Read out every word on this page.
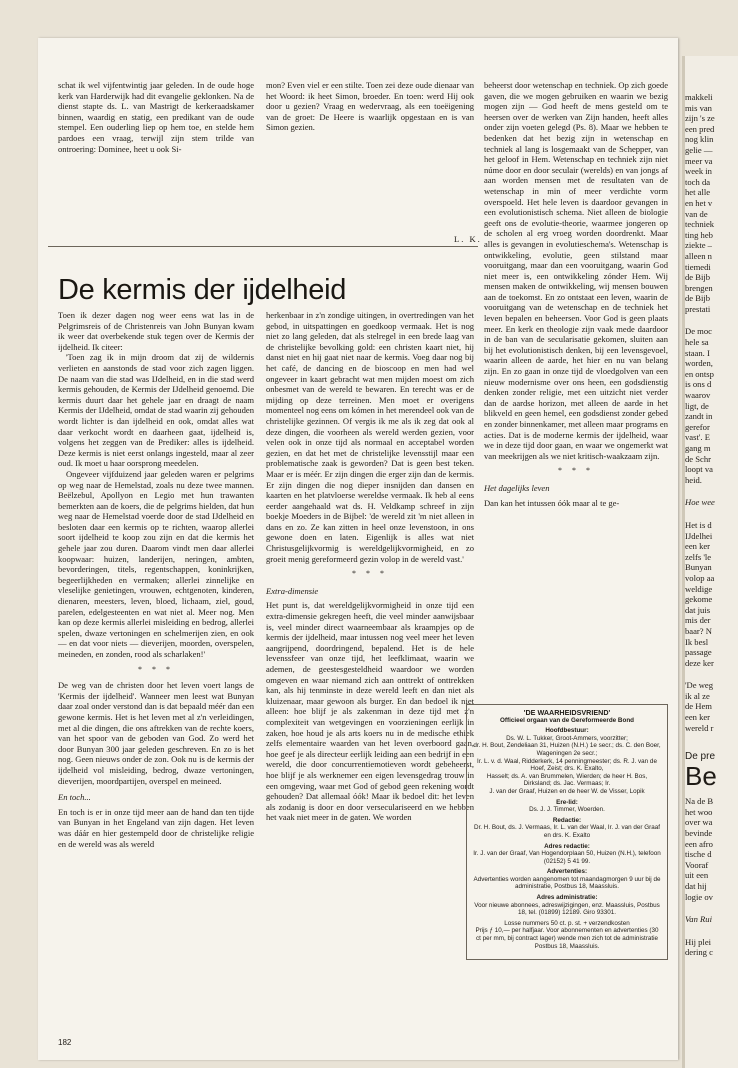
schat ik wel vijfentwintig jaar geleden. In de oude hoge kerk van Harderwijk had dit evangelie geklonken. Na de dienst stapte ds. L. van Mastrigt de kerkeraadskamer binnen, waardig en statig, een predikant van de oude stempel. Een ouderling liep op hem toe, en stelde hem pardoes een vraag, terwijl zijn stem trilde van ontroering: Dominee, heet u ook Si-

mon? Even viel er een stilte. Toen zei deze oude dienaar van het Woord: ik heet Simon, broeder. En toen: werd Hij ook door u gezien? Vraag en wedervraag, als een toeëigening van de groet: De Heere is waarlijk opgestaan en is van Simon gezien.

L. K.
De kermis der ijdelheid

Toen ik dezer dagen nog weer eens wat las in de Pelgrimsreis of de Christenreis van John Bunyan kwam ik weer dat overbekende stuk tegen over de Kermis der ijdelheid. Ik citeer:

'Toen zag ik in mijn droom dat zij de wildernis verlieten en aanstonds de stad voor zich zagen liggen. De naam van die stad was IJdelheid, en in die stad werd kermis gehouden, de Kermis der IJdelheid genoemd. Die kermis duurt daar het gehele jaar en draagt de naam Kermis der IJdelheid, omdat de stad waarin zij gehouden wordt lichter is dan ijdelheid en ook, omdat alles wat daar verkocht wordt en daarheen gaat, ijdelheid is, volgens het zeggen van de Prediker: alles is ijdelheid. Deze kermis is niet eerst onlangs ingesteld, maar al zeer oud. Ik moet u haar oorsprong meedelen.

Ongeveer vijfduizend jaar geleden waren er pelgrims op weg naar de Hemelstad, zoals nu deze twee mannen. Beëlzebul, Apollyon en Legio met hun trawanten bemerkten aan de koers, die de pelgrims hielden, dat hun weg naar de Hemelstad voerde door de stad IJdelheid en besloten daar een kermis op te richten, waarop allerlei soort ijdelheid te koop zou zijn en dat die kermis het gehele jaar zou duren. Daarom vindt men daar allerlei koopwaar: huizen, landerijen, neringen, ambten, bevorderingen, titels, regentschappen, koninkrijken, begeerlijkheden en vermaken; allerlei zinnelijke en vleselijke genietingen, vrouwen, echtgenoten, kinderen, dienaren, meesters, leven, bloed, lichaam, ziel, goud, parelen, edelgesteenten en wat niet al. Meer nog. Men kan op deze kermis allerlei misleiding en bedrog, allerlei spelen, dwaze vertoningen en schelmerijen zien, en ook — en dat voor niets — dieverijen, moorden, overspelen, meineden, en zonden, rood als scharlaken!'

* * *

De weg van de christen door het leven voert langs de 'Kermis der ijdelheid'. Wanneer men leest wat Bunyan daar zoal onder verstond dan is dat bepaald méér dan een gewone kermis. Het is het leven met al z'n verleidingen, met al die dingen, die ons aftrekken van de rechte koers, van het spoor van de geboden van God. Zo werd het door Bunyan 300 jaar geleden geschreven. En zo is het nog. Geen nieuws onder de zon. Ook nu is de kermis der ijdelheid vol misleiding, bedrog, dwaze vertoningen, dieverijen, moordpartijen, overspel en meineed.

En toch...

En toch is er in onze tijd meer aan de hand dan ten tijde van Bunyan in het Engeland van zijn dagen. Het leven was dáár en hier gestempeld door de christelijke religie en de wereld was als wereld

herkenbaar in z'n zondige uitingen, in overtredingen van het gebod, in uitspattingen en goedkoop vermaak. Het is nog niet zo lang geleden, dat als stelregel in een brede laag van de christelijke bevolking gold: een christen kaart niet, hij danst niet en hij gaat niet naar de kermis. Voeg daar nog bij het café, de dancing en de bioscoop en men had wel ongeveer in kaart gebracht wat men mijden moest om zich onbesmet van de wereld te bewaren. En terecht was er de mijding op deze terreinen. Men moet er overigens momenteel nog eens om kómen in het merendeel ook van de christelijke gezinnen. Of vergis ik me als ik zeg dat ook al deze dingen, die voorheen als wereld werden gezien, voor velen ook in onze tijd als normaal en acceptabel worden gezien, en dat het met de christelijke levensstijl maar een problematische zaak is geworden? Dat is geen best teken. Maar er is méér. Er zijn dingen die erger zijn dan de kermis. Er zijn dingen die nog dieper insnijden dan dansen en kaarten en het platvloerse wereldse vermaak. Ik heb al eens eerder aangehaald wat ds. H. Veldkamp schreef in zijn boekje Moeders in de Bijbel: 'de wereld zit 'm niet alleen in dans en zo. Ze kan zitten in heel onze levenstoon, in ons gewone doen en laten. Eigenlijk is alles wat niet Christusgelijkvormig is wereldgelijkvormigheid, en zo groeit menig gereformeerd gezin volop in de wereld vast.'

* * *

Extra-dimensie

Het punt is, dat wereldgelijkvormigheid in onze tijd een extra-dimensie gekregen heeft, die veel minder aanwijsbaar is, veel minder direct waarneembaar als kraampjes op de kermis der ijdelheid, maar intussen nog veel meer het leven aangrijpend, doordringend, bepalend. Het is de hele levenssfeer van onze tijd, het leefklimaat, waarin we ademen, de geestesgesteldheid waardoor we worden omgeven en waar niemand zich aan onttrekt of onttrekken kan, als hij tenminste in deze wereld leeft en dan niet als kluizenaar, maar gewoon als burger. En dan bedoel ik niet alleen: hoe blijf je als zakenman in deze tijd met z'n complexiteit van wetgevingen en voorzieningen eerlijk in zaken, hoe houd je als arts koers nu in de medische ethiek zelfs elementaire waarden van het leven overboord gaan, hoe geef je als directeur eerlijk leiding aan een bedrijf in een wereld, die door concurrentiemotieven wordt gebeheerst, hoe blijf je als werknemer een eigen levensgedrag trouw in een omgeving, waar met God of gebod geen rekening wordt gehouden? Dat allemaal óók! Maar ik bedoel dit: het leven als zodanig is door en door verseculariseerd en we hebben het vaak niet meer in de gaten. We worden

beheerst door wetenschap en techniek. Op zich goede gaven, die we mogen gebruiken en waarin we bezig mogen zijn — God heeft de mens gesteld om te heersen over de werken van Zijn handen, heeft alles onder zijn voeten gelegd (Ps. 8). Maar we hebben te bedenken dat het bezig zijn in wetenschap en techniek al lang is losgemaakt van de Schepper, van het geloof in Hem. Wetenschap en techniek zijn niet núme door en door seculair (werelds) en van jongs af aan worden mensen met de resultaten van de wetenschap in min of meer verdichte vorm overspoeld. Het hele leven is daardoor gevangen in een evolutionistisch schema. Niet alleen de biologie geeft ons de evolutie-theorie, waarmee jongeren op de scholen al erg vroeg worden doordrenkt. Maar alles is gevangen in evolutieschema's. Wetenschap is ontwikkeling, evolutie, geen stilstand maar vooruitgang, maar dan een vooruitgang, waarin God niet meer is, een ontwikkeling zónder Hem. Wij mensen maken de ontwikkeling, wij mensen bouwen aan de toekomst. En zo ontstaat een leven, waarin de vooruitgang van de wetenschap en de techniek het leven bepalen en beheersen. Voor God is geen plaats meer. En kerk en theologie zijn vaak mede daardoor in de ban van de secularisatie gekomen, sluiten aan bij het evolutionistisch denken, bij een levensgevoel, waarin alleen de aarde, het hier en nu van belang zijn. En zo gaan in onze tijd de vloedgolven van een nieuw modernisme over ons heen, een godsdienstig denken zonder religie, met een uitzicht niet verder dan de aardse horizon, met alleen de aarde in het blikveld en geen hemel, een godsdienst zonder gebed en zonder binnenkamer, met alleen maar programs en acties. Dat is de moderne kermis der ijdelheid, waar we in deze tijd door gaan, en waar we ongemerkt wat van meekrijgen als we niet kritisch-waakzaam zijn.

* * *

Het dagelijks leven

Dan kan het intussen óók maar al te ge-

'DE WAARHEIDSVRIEND'
Officieel orgaan van de Gereformeerde Bond
Hoofdbestuur:

Ds. W. L. Tukker, Groot-Ammers, voorzitter;

dr. H. Bout, Zendeliaan 31, Huizen (N.H.) 1e secr.; ds. C. den Boer, Wageningen 2e secr.;

Ir. L. v. d. Waal, Ridderkerk, 14 penningmeester; ds. R. J. van de Hoef, Zeist; drs. K. Exalto,

Hasselt; ds. A. van Brummelen, Wierden; de heer H. Bos, Dirksland; ds. Jac. Vermaas; Ir.

J. van der Graaf, Huizen en de heer W. de Visser, Lopik

Ere-lid:

Ds. J. J. Timmer, Woerden.

Redactie:

Dr. H. Bout, ds. J. Vermaas, Ir. L. van der Waal, Ir. J. van der Graaf en drs. K. Exalto

Adres redactie:

Ir. J. van der Graaf, Van Hogendorplaan 50, Huizen (N.H.), telefoon (02152) 5 41 99.

Advertenties:

Advertenties worden aangenomen tot maandagmorgen 9 uur bij de administratie, Postbus 18, Maassluis.

Adres administratie:

Voor nieuwe abonnees, adreswijzigingen, enz. Maassluis, Postbus 18, tel. (01899) 12189. Giro 93301.

Losse nummers 50 ct. p. st. + verzendkosten

Prijs ƒ 10,— per halfjaar. Voor abonnementen en advertenties (30 ct per mm, bij contract lager) wende men zich tot de administratie Postbus 18, Maassluis.

182

makkeli

mis van

zijn 's ze

een pred

nog klin

gelie —

meer va

week in

toch da

het alle

en het v

van de

techniek

ting heb

ziekte –

alleen n

tiemedi

de Bijb

brengen

de Bijb

prestati

De moc

hele sa

staan. I

worden,

en ontsp

is ons d

waarov

ligt, de

zandt in

gerefor

vast'. E

gang m

de Schr

loopt va

heid.

Hoe wee

Het is d

IJdelhei

een ker

zelfs 'le

Bunyan

volop aa

weldige

gekome

dat juis

mis der

baar? N

Ik besl

passage

deze ker

'De weg

ik al ze

de Hem

een ker

wereld r

De pre

Be

Na de B

het woo

over wa

bevinde

een afro

tische d

Vooraf

uit een

dat hij

logie ov

Van Rui

Hij plei

dering c
